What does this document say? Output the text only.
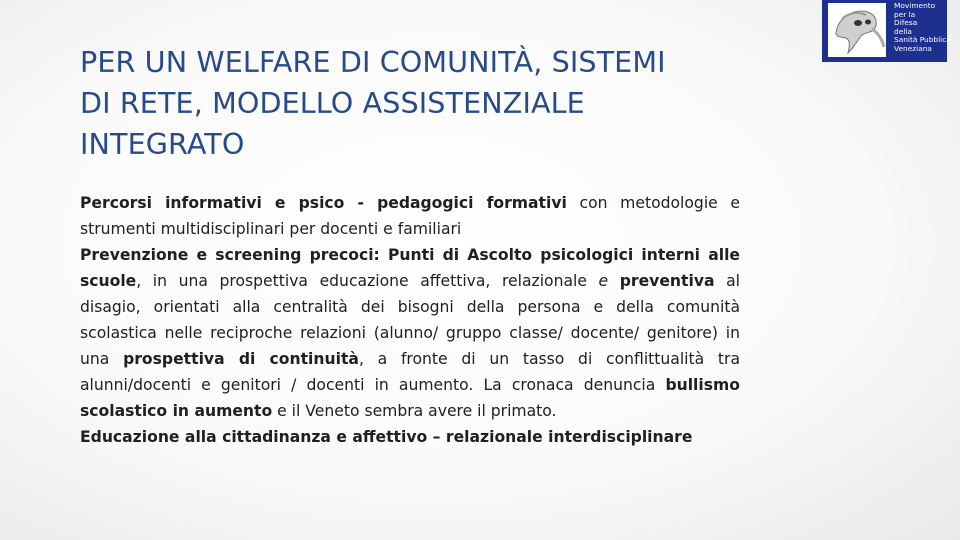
Movimento
per la
Difesa
della
Sanità Pubblica
Veneziana
PER UN WELFARE DI COMUNITÀ, SISTEMI
DI RETE, MODELLO ASSISTENZIALE
INTEGRATO

Percorsi informativi e psico - pedagogici formativi con metodologie e strumenti multidisciplinari per docenti e familiari

Prevenzione e screening precoci: Punti di Ascolto psicologici interni alle scuole, in una prospettiva educazione affettiva, relazionale e preventiva al disagio, orientati alla centralità dei bisogni della persona e della comunità scolastica nelle reciproche relazioni (alunno/ gruppo classe/ docente/ genitore) in una prospettiva di continuità, a fronte di un tasso di conflittualità tra alunni/docenti e genitori / docenti in aumento. La cronaca denuncia bullismo scolastico in aumento e il Veneto sembra avere il primato.

Educazione alla cittadinanza e affettivo – relazionale interdisciplinare
